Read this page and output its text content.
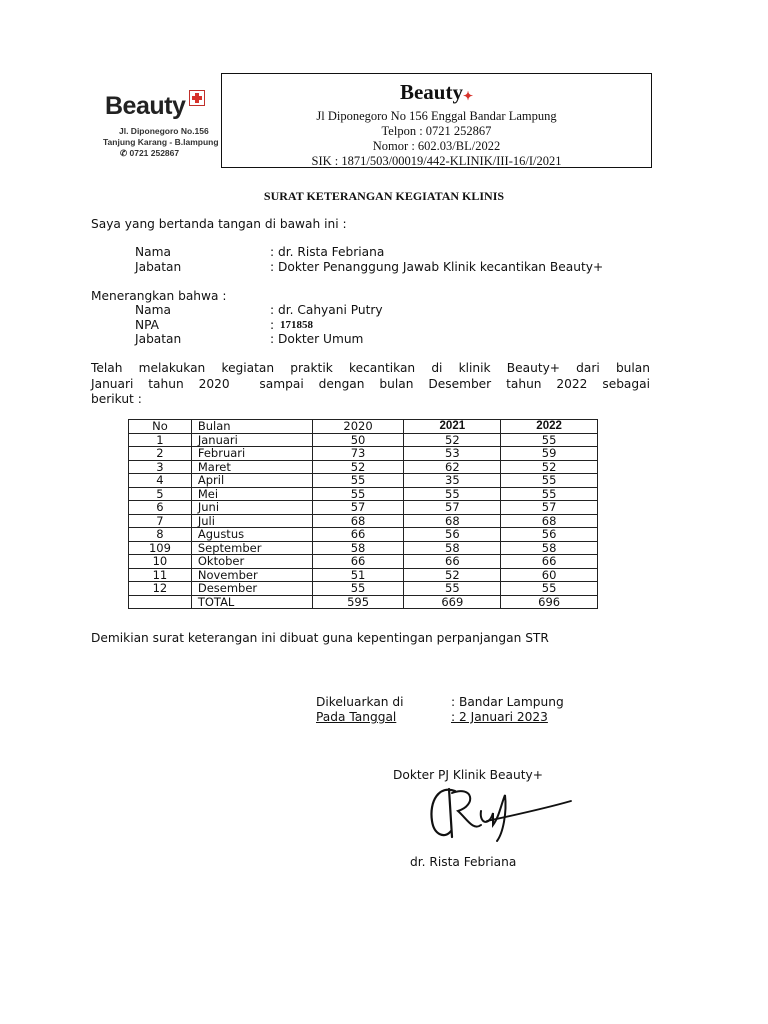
Beauty
Jl. Diponegoro No.156
Tanjung Karang - B.lampung
✆ 0721 252867
Beauty✦
Jl Diponegoro No 156 Enggal Bandar Lampung
Telpon : 0721 252867
Nomor : 602.03/BL/2022
SIK : 1871/503/00019/442-KLINIK/III-16/I/2021
SURAT KETERANGAN KEGIATAN KLINIS
Saya yang bertanda tangan di bawah ini :
Nama	: dr. Rista Febriana
Jabatan	: Dokter Penanggung Jawab Klinik kecantikan Beauty+
Menerangkan bahwa :
Nama	: dr. Cahyani Putry
NPA	: 171858
Jabatan	: Dokter Umum
Telah melakukan kegiatan praktik kecantikan di klinik Beauty+ dari bulan
Januari tahun 2020  sampai dengan bulan Desember tahun 2022 sebagai
berikut :
No	Bulan	2020	2021	2022
1	Januari	50	52	55
2	Februari	73	53	59
3	Maret	52	62	52
4	April	55	35	55
5	Mei	55	55	55
6	Juni	57	57	57
7	Juli	68	68	68
8	Agustus	66	56	56
109	September	58	58	58
10	Oktober	66	66	66
11	November	51	52	60
12	Desember	55	55	55
	TOTAL	595	669	696
Demikian surat keterangan ini dibuat guna kepentingan perpanjangan STR
Dikeluarkan di	: Bandar Lampung
Pada Tanggal	: 2 Januari 2023
Dokter PJ Klinik Beauty+
dr. Rista Febriana
